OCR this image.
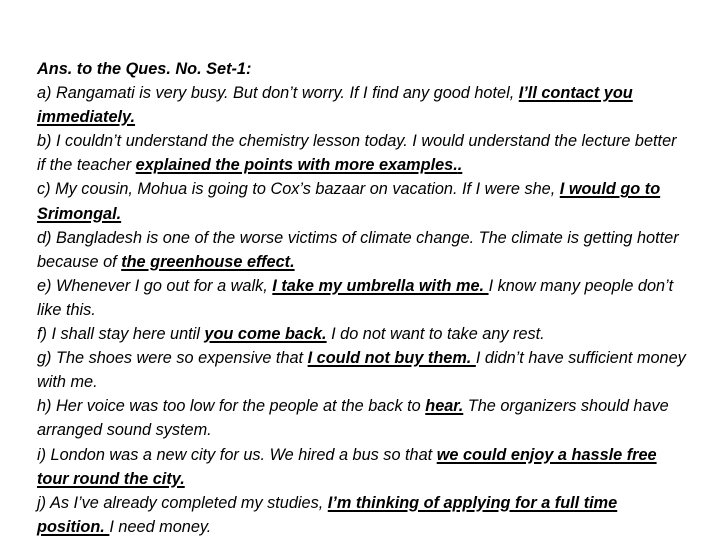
Ans. to the Ques. No. Set-1:

a) Rangamati is very busy. But don’t worry. If I find any good hotel, I’ll contact you immediately.

b) I couldn’t understand the chemistry lesson today. I would understand the lecture better if the teacher explained the points with more examples..

c) My cousin, Mohua is going to Cox’s bazaar on vacation. If I were she, I would go to Srimongal.

d) Bangladesh is one of the worse victims of climate change. The climate is getting hotter because of the greenhouse effect.

e) Whenever I go out for a walk, I take my umbrella with me. I know many people don’t like this.

f) I shall stay here until you come back. I do not want to take any rest.

g) The shoes were so expensive that I could not buy them. I didn’t have sufficient money with me.

h) Her voice was too low for the people at the back to hear. The organizers should have arranged sound system.

i) London was a new city for us. We hired a bus so that we could enjoy a hassle free tour round the city.

j) As I’ve already completed my studies, I’m thinking of applying for a full time position. I need money.
